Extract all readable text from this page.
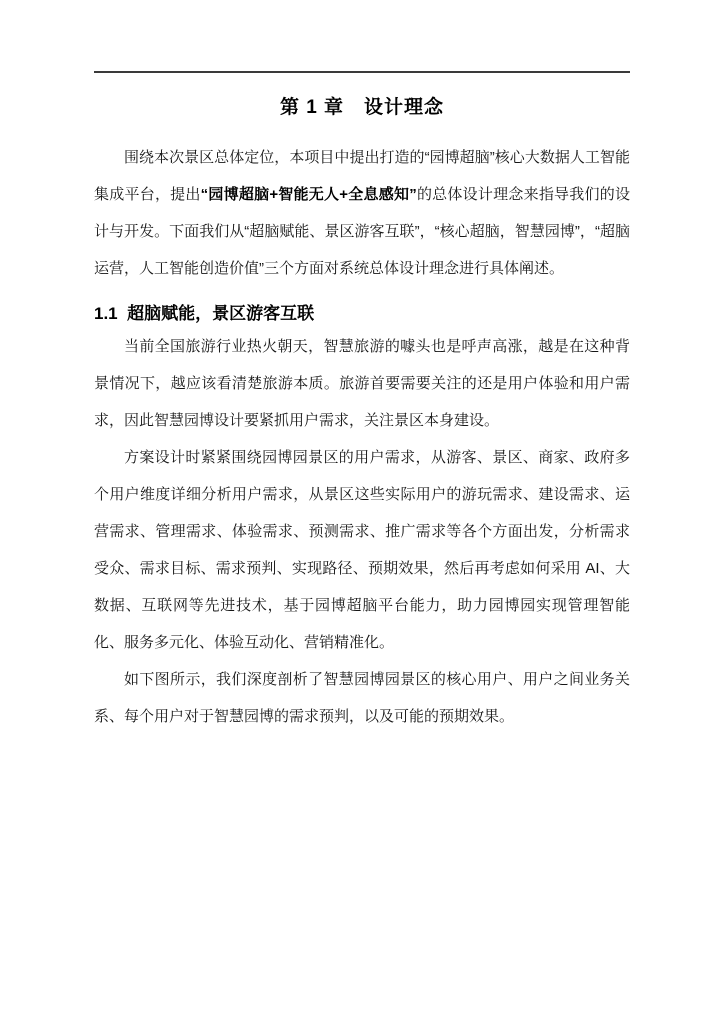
第 1 章　设计理念

围绕本次景区总体定位，本项目中提出打造的“园博超脑”核心大数据人工智能集成平台，提出“园博超脑+智能无人+全息感知”的总体设计理念来指导我们的设计与开发。下面我们从“超脑赋能、景区游客互联”，“核心超脑，智慧园博”，“超脑运营，人工智能创造价值”三个方面对系统总体设计理念进行具体阐述。

1.1  超脑赋能，景区游客互联

当前全国旅游行业热火朝天，智慧旅游的噱头也是呼声高涨，越是在这种背景情况下，越应该看清楚旅游本质。旅游首要需要关注的还是用户体验和用户需求，因此智慧园博设计要紧抓用户需求，关注景区本身建设。

方案设计时紧紧围绕园博园景区的用户需求，从游客、景区、商家、政府多个用户维度详细分析用户需求，从景区这些实际用户的游玩需求、建设需求、运营需求、管理需求、体验需求、预测需求、推广需求等各个方面出发，分析需求受众、需求目标、需求预判、实现路径、预期效果，然后再考虑如何采用 AI、大数据、互联网等先进技术，基于园博超脑平台能力，助力园博园实现管理智能化、服务多元化、体验互动化、营销精准化。

如下图所示，我们深度剖析了智慧园博园景区的核心用户、用户之间业务关系、每个用户对于智慧园博的需求预判，以及可能的预期效果。
